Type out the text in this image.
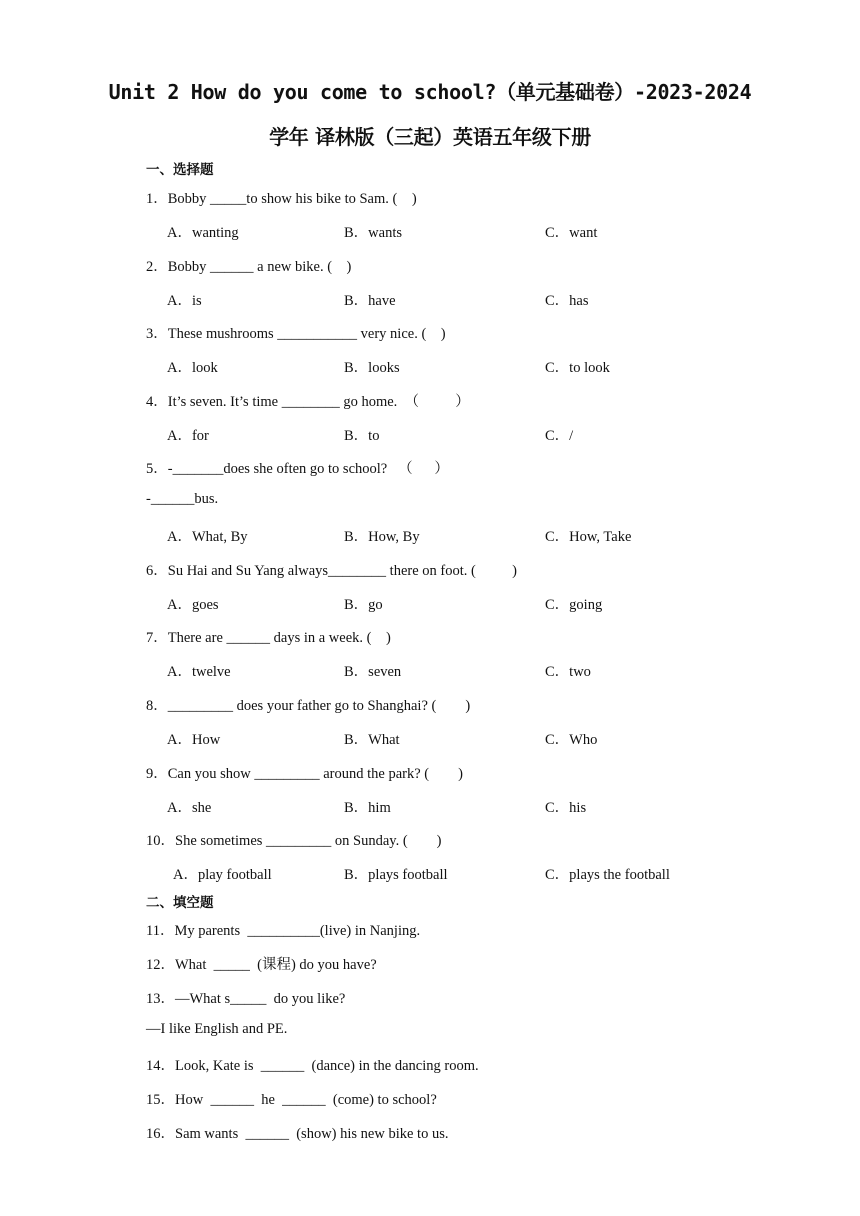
Unit 2 How do you come to school?（单元基础卷）-2023-2024
学年 译林版（三起）英语五年级下册
一、选择题
1．Bobby _____to show his bike to Sam. (    )
A．wanting	B．wants	C．want
2．Bobby ______ a new bike. (    )
A．is	B．have	C．has
3．These mushrooms ___________ very nice. (    )
A．look	B．looks	C．to look
4．It’s seven. It’s time ________ go home.  （          ）
A．for	B．to	C．/
5．-_______does she often go to school?   （      ）
-______bus.
A．What, By	B．How, By	C．How, Take
6．Su Hai and Su Yang always________ there on foot. (          )
A．goes	B．go	C．going
7．There are ______ days in a week. (    )
A．twelve	B．seven	C．two
8．_________ does your father go to Shanghai? (        )
A．How	B．What	C．Who
9．Can you show _________ around the park? (        )
A．she	B．him	C．his
10．She sometimes _________ on Sunday. (        )
A．play football	B．plays football	C．plays the football
二、填空题
11．My parents  __________(live) in Nanjing.
12．What  _____  (课程) do you have?
13．—What s_____  do you like?
—I like English and PE.
14．Look, Kate is  ______  (dance) in the dancing room.
15．How  ______  he  ______  (come) to school?
16．Sam wants  ______  (show) his new bike to us.
